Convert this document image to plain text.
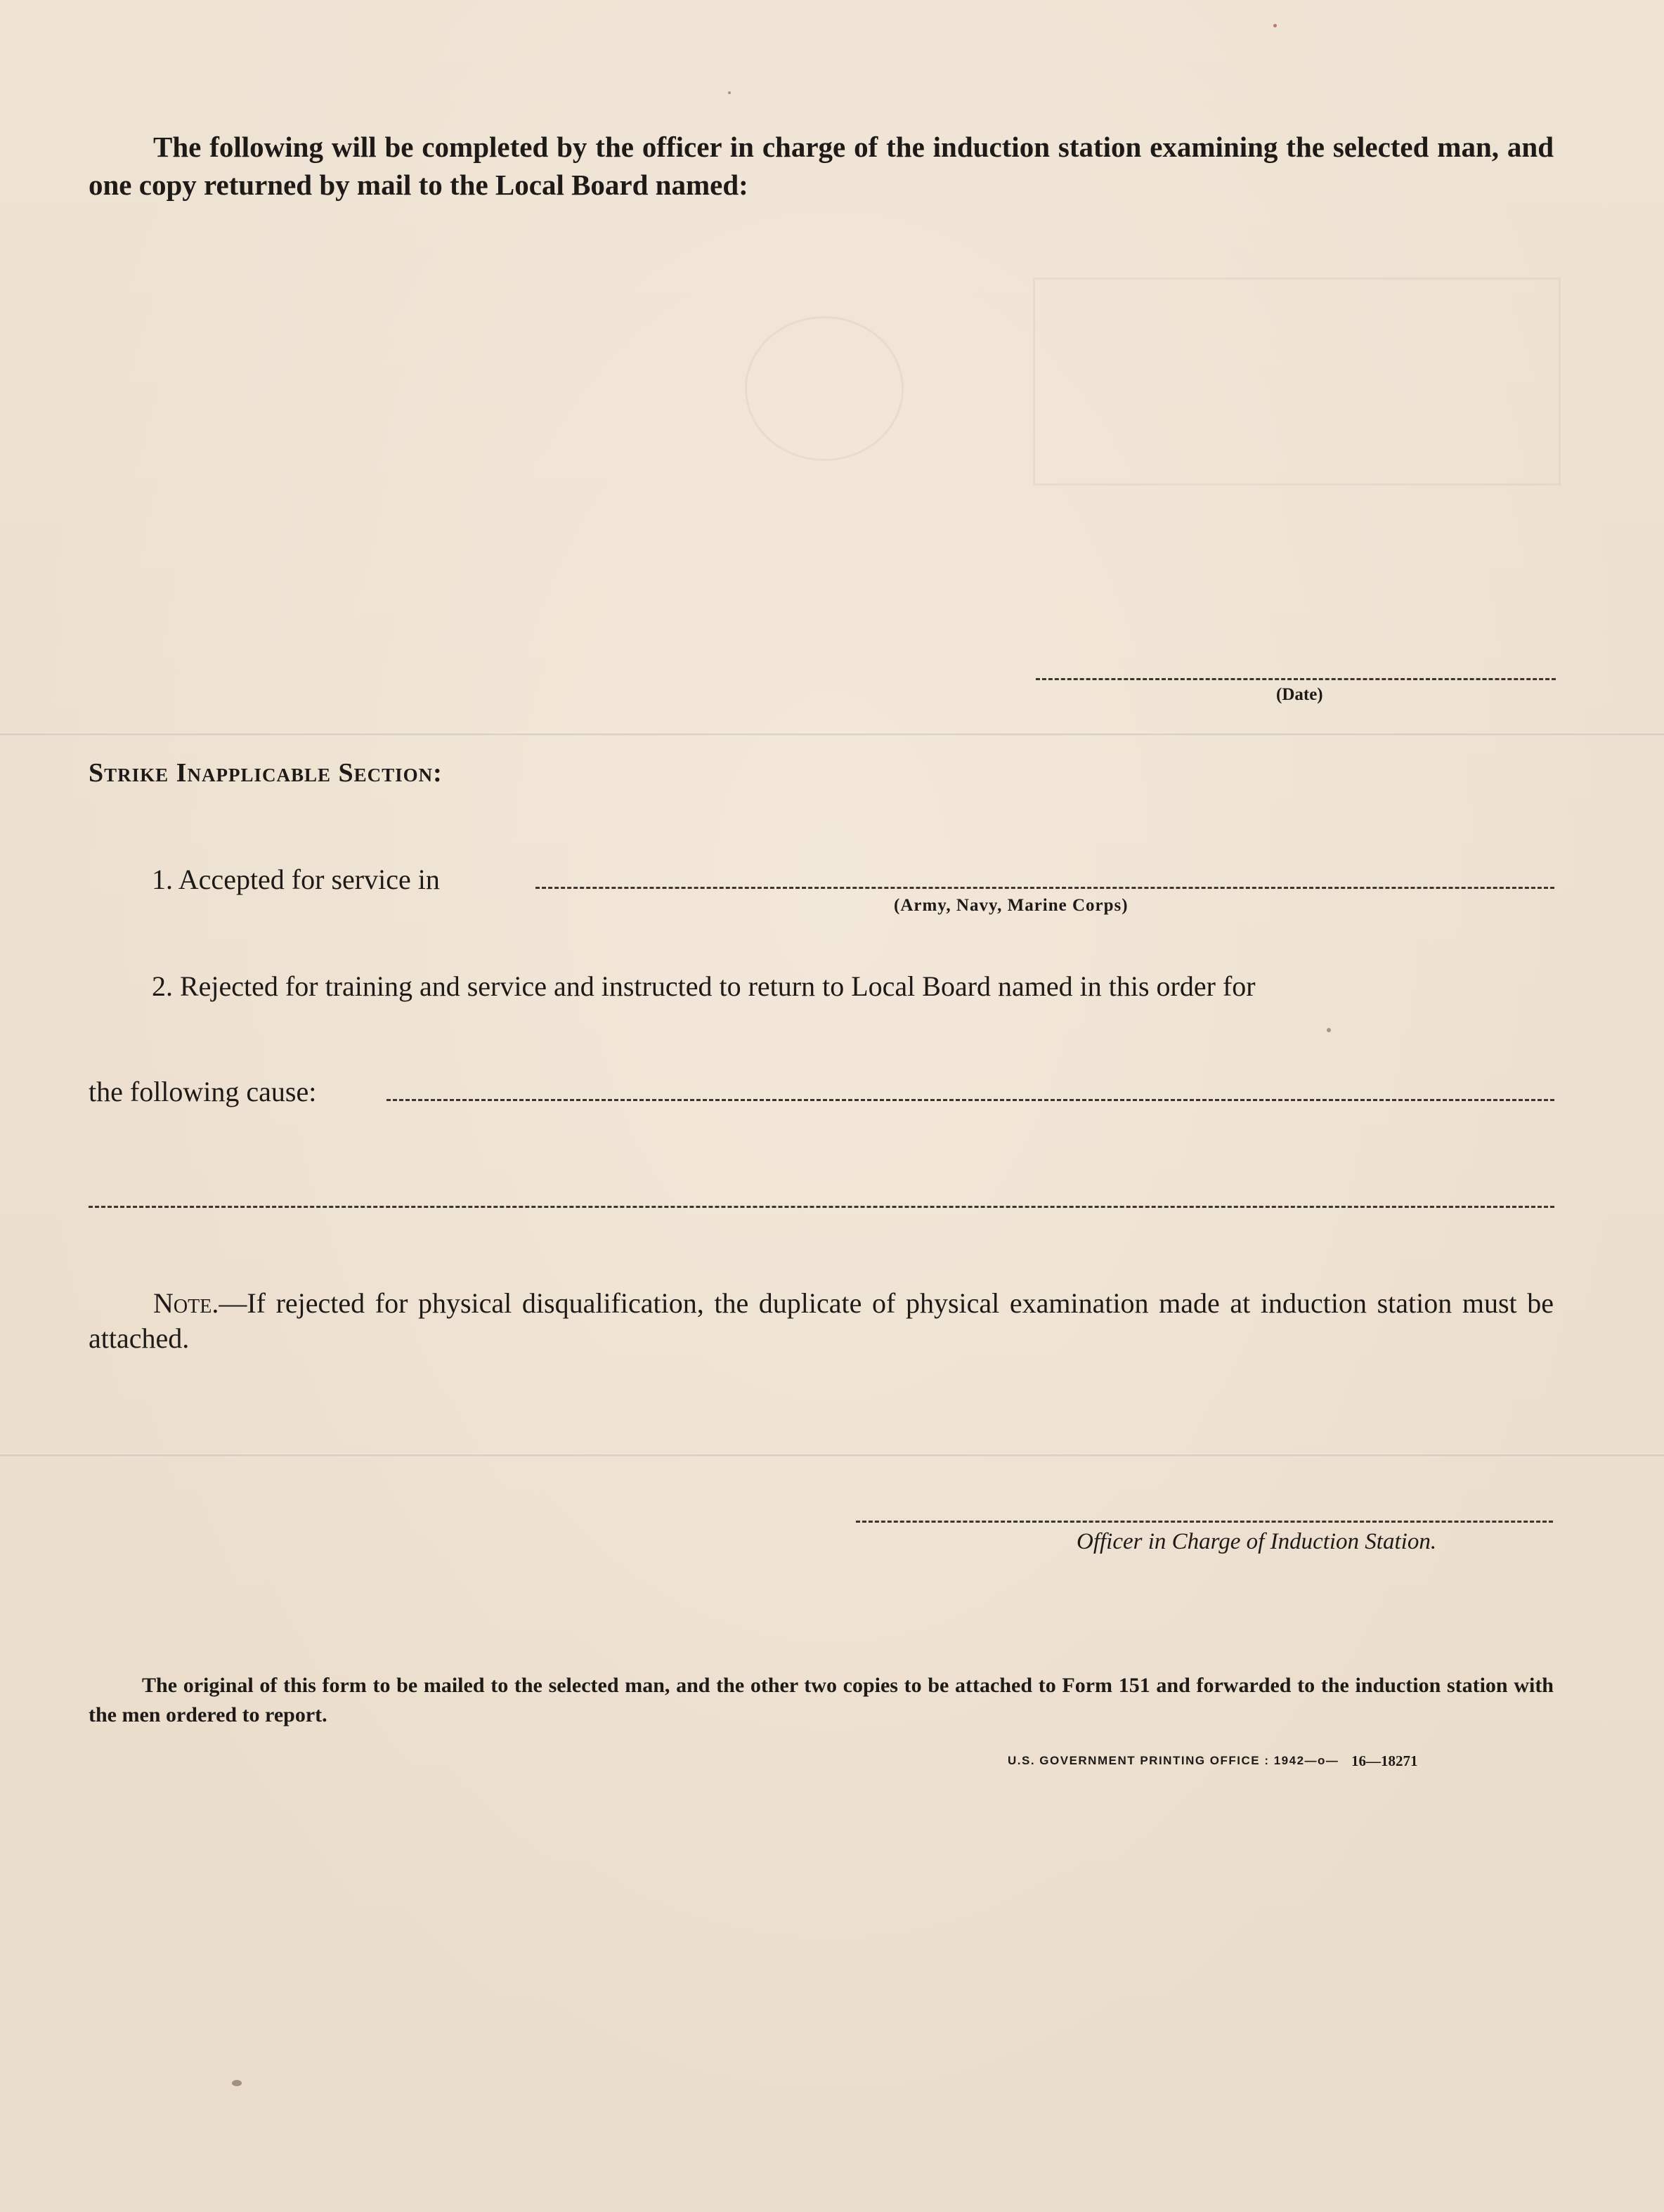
The following will be completed by the officer in charge of the induction station examining the selected man, and one copy returned by mail to the Local Board named:
(Date)
Strike Inapplicable Section:
1. Accepted for service in
(Army, Navy, Marine Corps)
2. Rejected for training and service and instructed to return to Local Board named in this order for
the following cause:
Note.—If rejected for physical disqualification, the duplicate of physical examination made at induction station must be attached.
Officer in Charge of Induction Station.
The original of this form to be mailed to the selected man, and the other two copies to be attached to Form 151 and forwarded to the induction station with the men ordered to report.
U.S. GOVERNMENT PRINTING OFFICE : 1942—o— 16—18271
